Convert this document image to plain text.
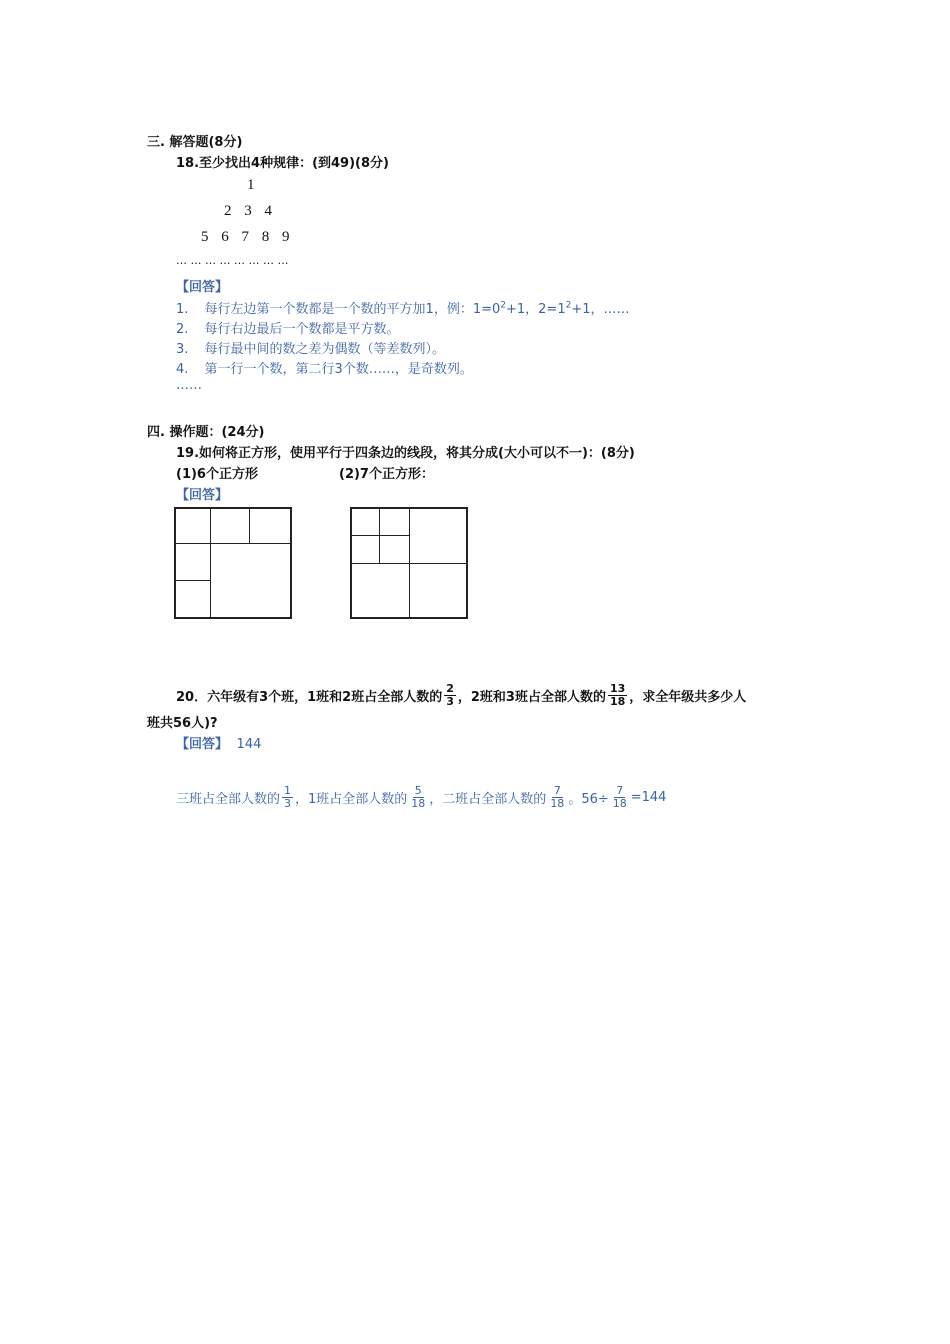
三. 解答题(8分)
18.至少找出4种规律：(到49)(8分)
1
2 3 4
5 6 7 8 9
… … … … … … … …
【回答】
1. 每行左边第一个数都是一个数的平方加1，例：$1=0^2+1$，$2=1^2+1$，……
2. 每行右边最后一个数都是平方数。
3. 每行最中间的数之差为偶数（等差数列）。
4. 第一行一个数，第二行3个数……，是奇数列。
……
四. 操作题：(24分)
19.如何将正方形，使用平行于四条边的线段，将其分成(大小可以不一)：(8分)
(1)6个正方形	(2)7个正方形：
【回答】
20．六年级有3个班，1班和2班占全部人数的 $\frac{2}{3}$ ，2班和3班占全部人数的 $\frac{13}{18}$ ，求全年级共多少人
班共56人)?
【回答】 144
三班占全部人数的 $\frac{1}{3}$ ，1班占全部人数的 $\frac{5}{18}$ ，二班占全部人数的 $\frac{7}{18}$ 。$56\div \frac{7}{18} =144$
